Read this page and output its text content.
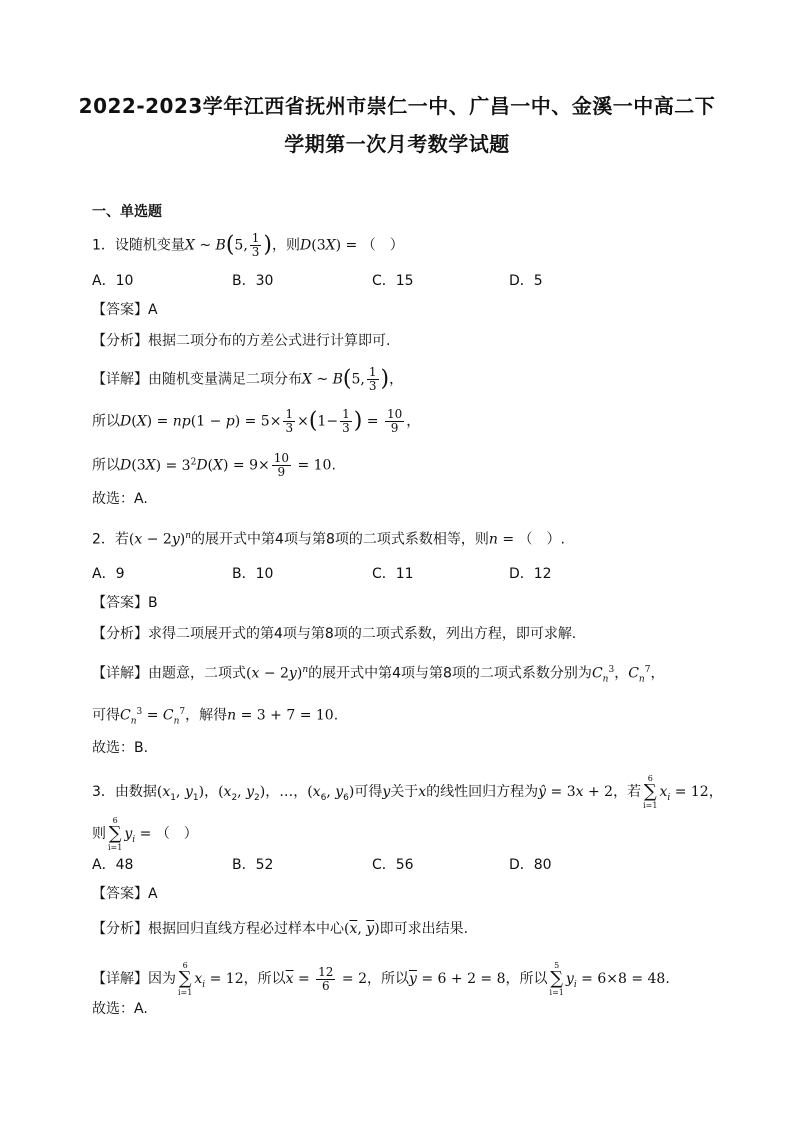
2022-2023学年江西省抚州市崇仁一中、广昌一中、金溪一中高二下
学期第一次月考数学试题
一、单选题
1．设随机变量X ~ B(5, $\frac{1}{3}$ )，则D(3X) = （　）
A．10	B．30	C．15	D．5
【答案】A
【分析】根据二项分布的方差公式进行计算即可.
【详解】由随机变量满足二项分布X ~ B(5, $\frac{1}{3}$ )，
所以$D(X) = np(1 - p) = 5\times \frac{1}{3} \times(1- \frac{1}{3}$ ) = $\frac{10}{9}$ ，
所以$D(3X) = 3^2D(X) = 9\times \frac{10}{9} = 10$.
故选：A.
2．若$(x - 2y)^n$的展开式中第4项与第8项的二项式系数相等，则n = （　）.
A．9	B．10	C．11	D．12
【答案】B
【分析】求得二项展开式的第4项与第8项的二项式系数，列出方程，即可求解.
【详解】由题意，二项式$(x - 2y)^n$的展开式中第4项与第8项的二项式系数分别为$C_n^3$，$C_n^7$，
可得$C_n^3 = C_n^7$，解得n = 3 + 7 = 10.
故选：B.
3．由数据($x_1$, $y_1$)，($x_2$, $y_2$)，…，($x_6$, $y_6$)可得y关于x的线性回归方程为ŷ = 3x + 2，若
6
∑
i=1
$x_i = 12$，
则
6
∑
i=1
$y_i$ = （　）
A．48	B．52	C．56	D．80
【答案】A
【分析】根据回归直线方程必过样本中心($\overline{x}$, $\overline{y}$)即可求出结果.
【详解】因为
6
∑
i=1
$x_i = 12$，所以$\overline{x} = \frac{12}{6} = 2$，所以$\overline{y} = 6 + 2 = 8$，所以
5
∑
i=1
$y_i = 6\times 8 = 48$.
故选：A.
